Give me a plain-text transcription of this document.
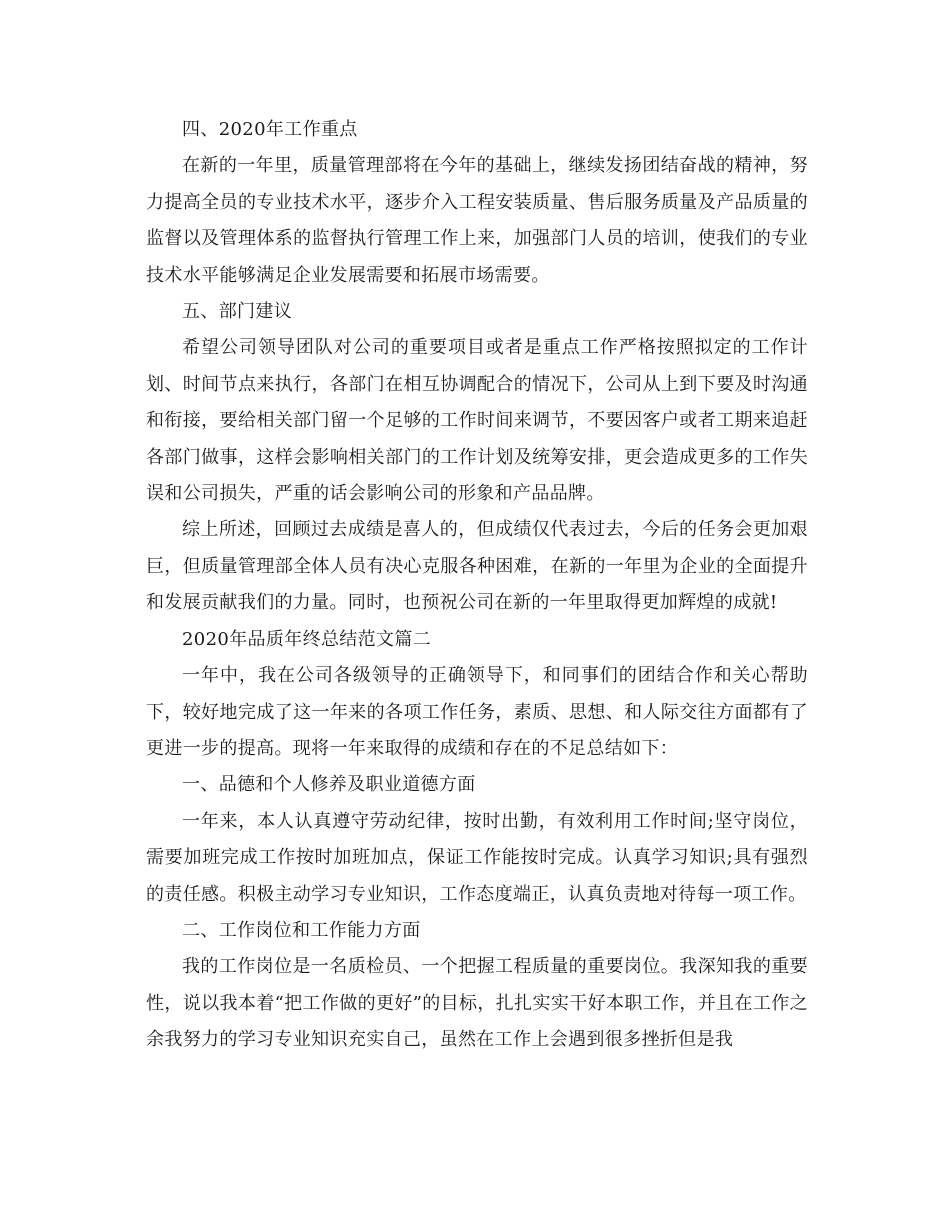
四、2020年工作重点

在新的一年里，质量管理部将在今年的基础上，继续发扬团结奋战的精神，努力提高全员的专业技术水平，逐步介入工程安装质量、售后服务质量及产品质量的监督以及管理体系的监督执行管理工作上来，加强部门人员的培训，使我们的专业技术水平能够满足企业发展需要和拓展市场需要。

五、部门建议

希望公司领导团队对公司的重要项目或者是重点工作严格按照拟定的工作计划、时间节点来执行，各部门在相互协调配合的情况下，公司从上到下要及时沟通和衔接，要给相关部门留一个足够的工作时间来调节，不要因客户或者工期来追赶各部门做事，这样会影响相关部门的工作计划及统筹安排，更会造成更多的工作失误和公司损失，严重的话会影响公司的形象和产品品牌。

综上所述，回顾过去成绩是喜人的，但成绩仅代表过去，今后的任务会更加艰巨，但质量管理部全体人员有决心克服各种困难，在新的一年里为企业的全面提升和发展贡献我们的力量。同时，也预祝公司在新的一年里取得更加辉煌的成就!

2020年品质年终总结范文篇二

一年中，我在公司各级领导的正确领导下，和同事们的团结合作和关心帮助下，较好地完成了这一年来的各项工作任务，素质、思想、和人际交往方面都有了更进一步的提高。现将一年来取得的成绩和存在的不足总结如下：

一、品德和个人修养及职业道德方面

一年来，本人认真遵守劳动纪律，按时出勤，有效利用工作时间;坚守岗位，需要加班完成工作按时加班加点，保证工作能按时完成。认真学习知识;具有强烈的责任感。积极主动学习专业知识，工作态度端正，认真负责地对待每一项工作。

二、工作岗位和工作能力方面

我的工作岗位是一名质检员、一个把握工程质量的重要岗位。我深知我的重要性，说以我本着“把工作做的更好”的目标，扎扎实实干好本职工作，并且在工作之余我努力的学习专业知识充实自己，虽然在工作上会遇到很多挫折但是我
